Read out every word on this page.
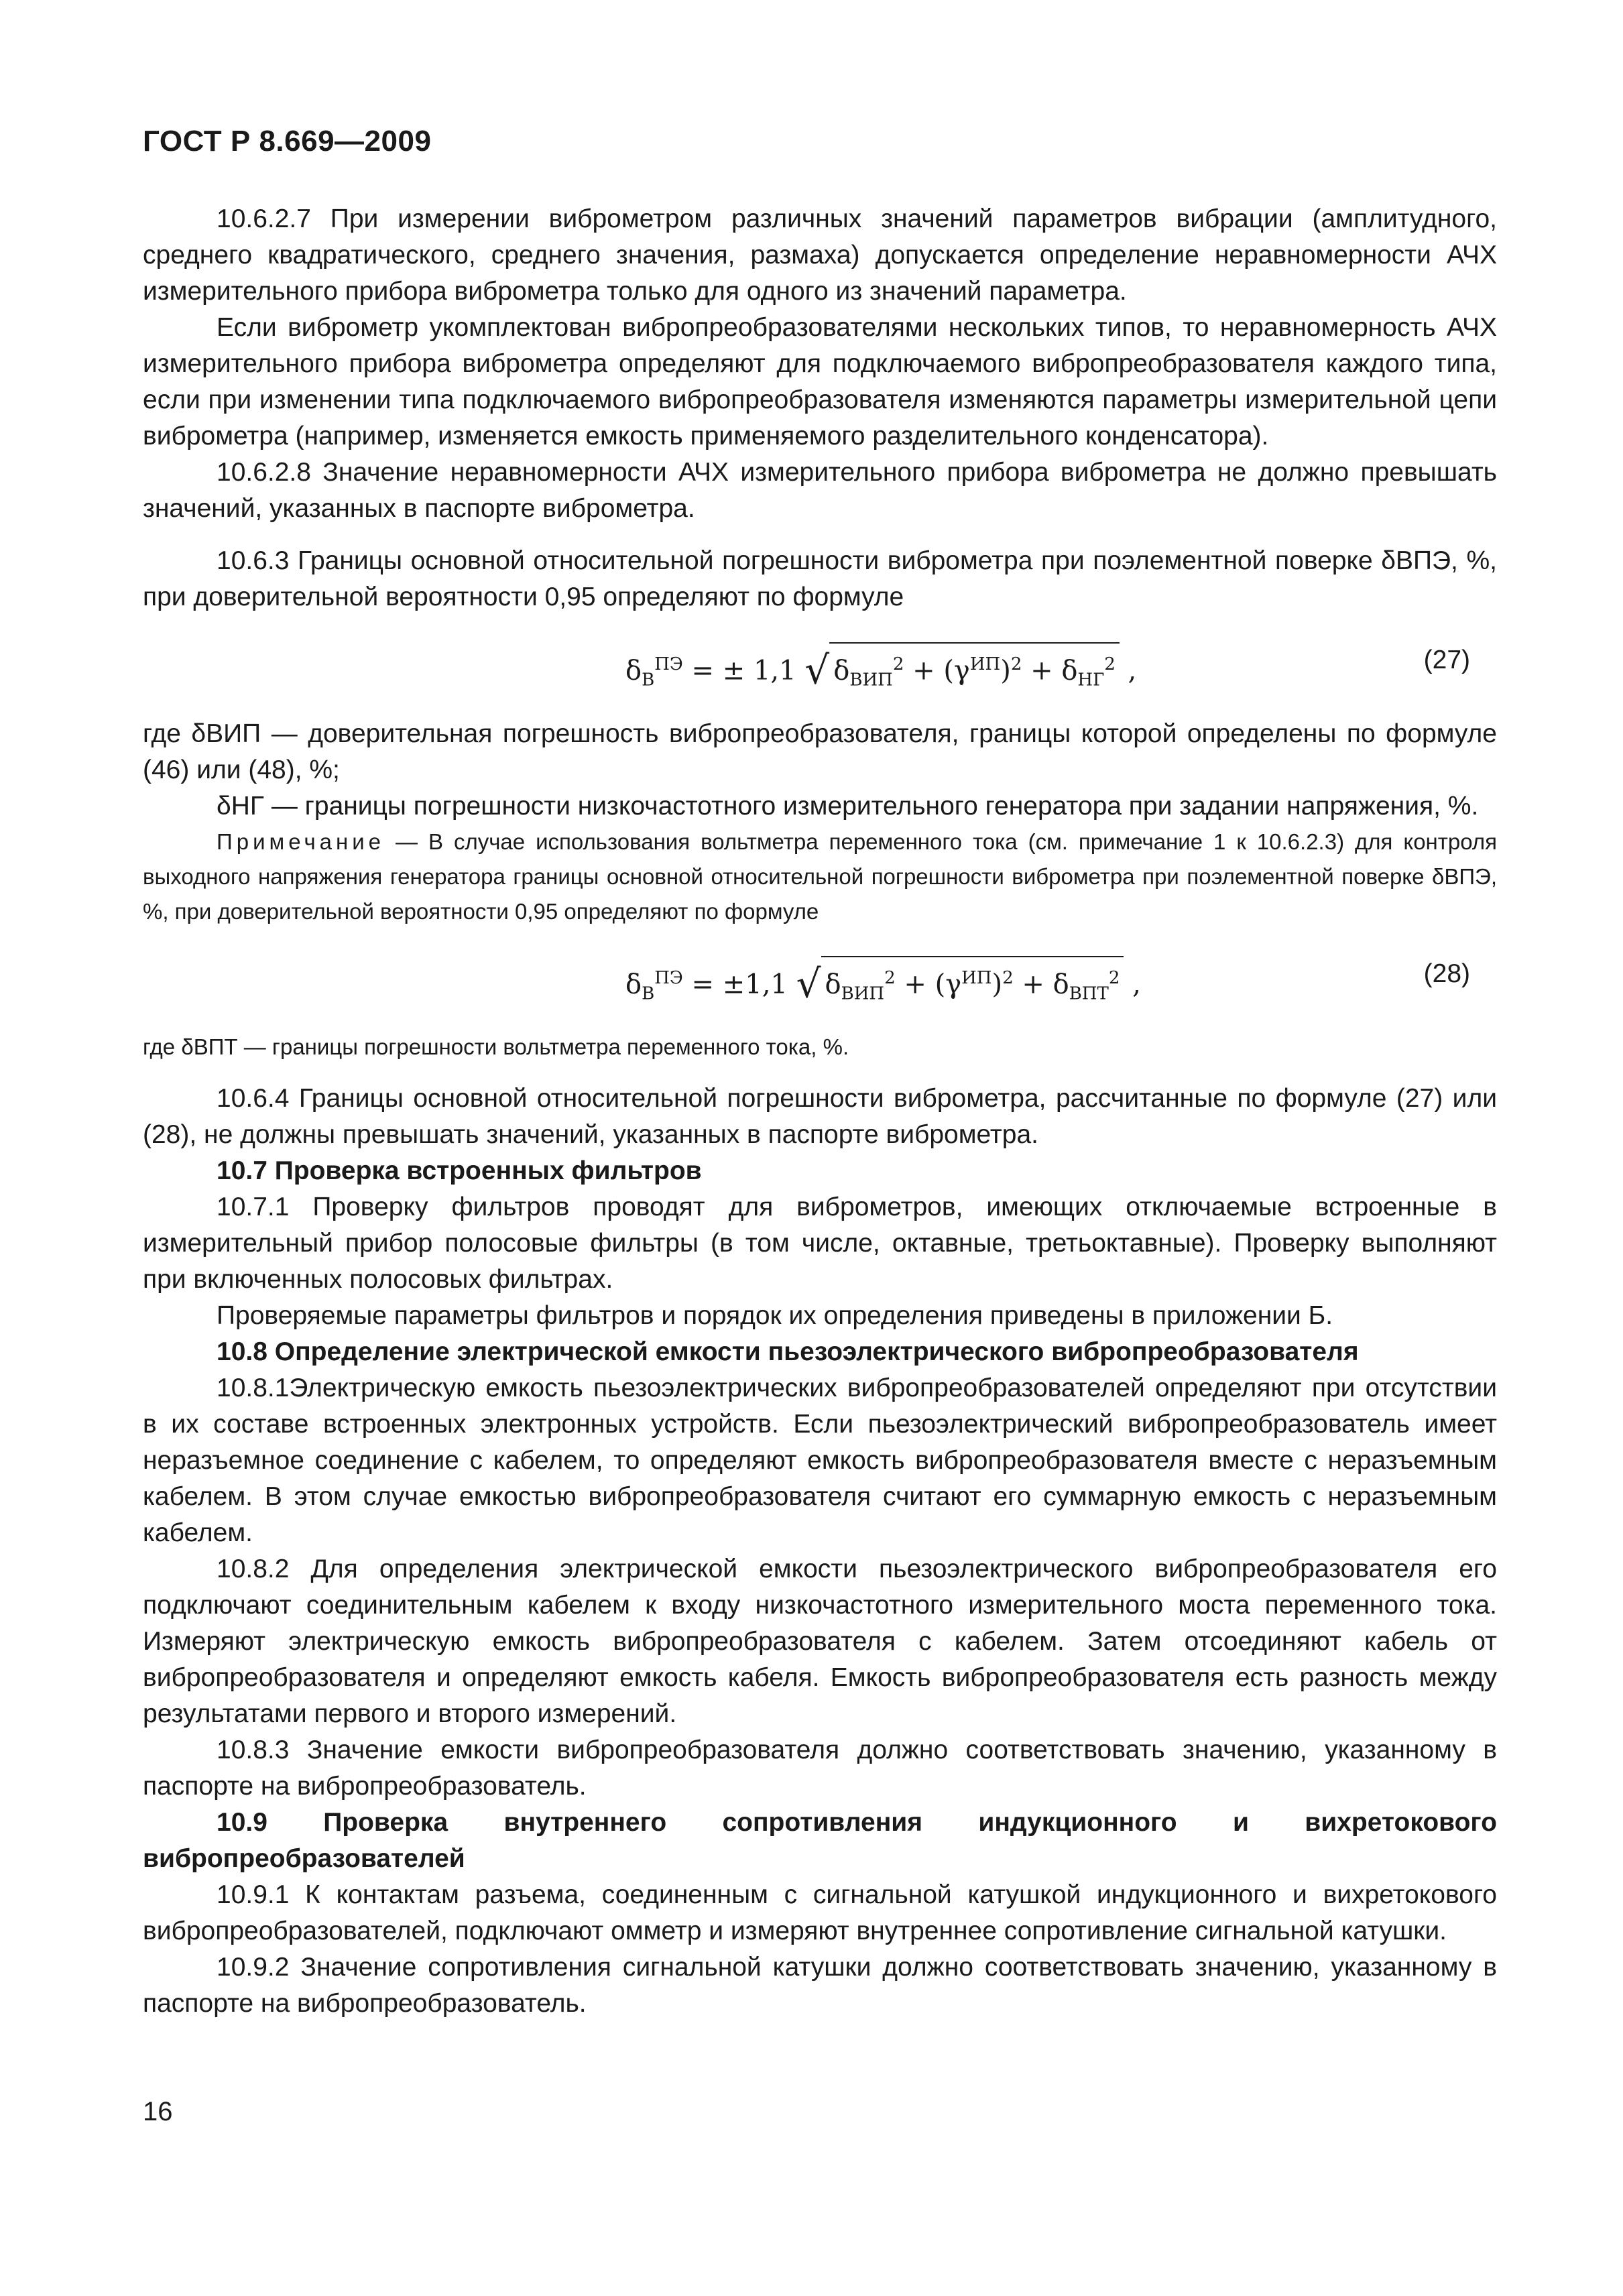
ГОСТ Р 8.669—2009

10.6.2.7 При измерении виброметром различных значений параметров вибрации (амплитудного, среднего квадратического, среднего значения, размаха) допускается определение неравномерности АЧХ измерительного прибора виброметра только для одного из значений параметра.

Если виброметр укомплектован вибропреобразователями нескольких типов, то неравномерность АЧХ измерительного прибора виброметра определяют для подключаемого вибропреобразователя каждого типа, если при изменении типа подключаемого вибропреобразователя изменяются параметры измерительной цепи виброметра (например, изменяется емкость применяемого разделительного конденсатора).

10.6.2.8 Значение неравномерности АЧХ измерительного прибора виброметра не должно превышать значений, указанных в паспорте виброметра.

10.6.3 Границы основной относительной погрешности виброметра при поэлементной поверке δВПЭ, %, при доверительной вероятности 0,95 определяют по формуле

$\delta_В^{ПЭ}$ = ± 1,1 √ $\delta_{ВИП}^2 + (\gamma^{ИП})^2 + \delta_{НГ}^2$ ,	(27)

где δВИП — доверительная погрешность вибропреобразователя, границы которой определены по формуле (46) или (48), %;

δНГ — границы погрешности низкочастотного измерительного генератора при задании напряжения, %.

Примечание — В случае использования вольтметра переменного тока (см. примечание 1 к 10.6.2.3) для контроля выходного напряжения генератора границы основной относительной погрешности виброметра при поэлементной поверке δВПЭ, %, при доверительной вероятности 0,95 определяют по формуле

$\delta_В^{ПЭ} = \pm 1,1$ √ $\delta_{ВИП}^2 + (\gamma^{ИП})^2 + \delta_{ВПТ}^2$ ,	(28)

где δВПТ — границы погрешности вольтметра переменного тока, %.

10.6.4 Границы основной относительной погрешности виброметра, рассчитанные по формуле (27) или (28), не должны превышать значений, указанных в паспорте виброметра.

10.7 Проверка встроенных фильтров

10.7.1 Проверку фильтров проводят для виброметров, имеющих отключаемые встроенные в измерительный прибор полосовые фильтры (в том числе, октавные, третьоктавные). Проверку выполняют при включенных полосовых фильтрах.

Проверяемые параметры фильтров и порядок их определения приведены в приложении Б.

10.8 Определение электрической емкости пьезоэлектрического вибропреобразователя

10.8.1Электрическую емкость пьезоэлектрических вибропреобразователей определяют при отсутствии в их составе встроенных электронных устройств. Если пьезоэлектрический вибропреобразователь имеет неразъемное соединение с кабелем, то определяют емкость вибропреобразователя вместе с неразъемным кабелем. В этом случае емкостью вибропреобразователя считают его суммарную емкость с неразъемным кабелем.

10.8.2 Для определения электрической емкости пьезоэлектрического вибропреобразователя его подключают соединительным кабелем к входу низкочастотного измерительного моста переменного тока. Измеряют электрическую емкость вибропреобразователя с кабелем. Затем отсоединяют кабель от вибропреобразователя и определяют емкость кабеля. Емкость вибропреобразователя есть разность между результатами первого и второго измерений.

10.8.3 Значение емкости вибропреобразователя должно соответствовать значению, указанному в паспорте на вибропреобразователь.

10.9 Проверка внутреннего сопротивления индукционного и вихретокового вибропреобразователей

10.9.1 К контактам разъема, соединенным с сигнальной катушкой индукционного и вихретокового вибропреобразователей, подключают омметр и измеряют внутреннее сопротивление сигнальной катушки.

10.9.2 Значение сопротивления сигнальной катушки должно соответствовать значению, указанному в паспорте на вибропреобразователь.

16
